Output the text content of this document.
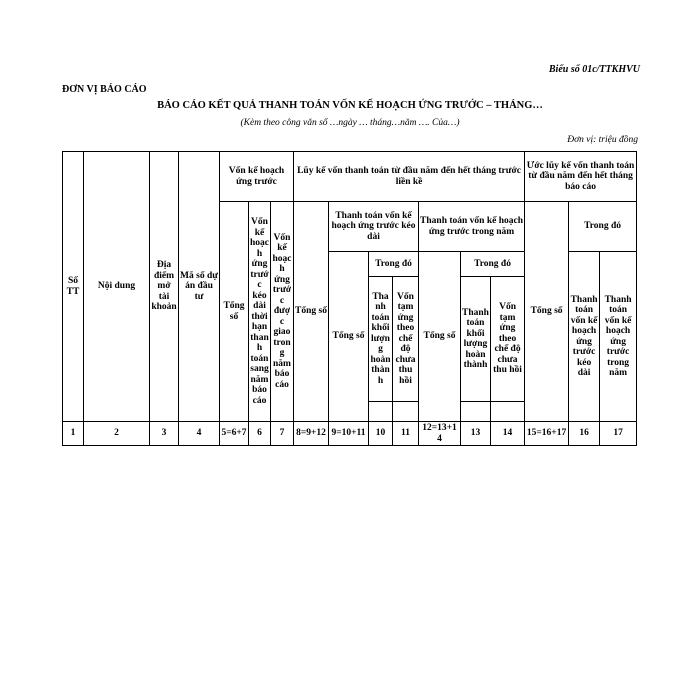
Biểu số 01c/TTKHVU
ĐƠN VỊ BÁO CÁO
BÁO CÁO KẾT QUẢ THANH TOÁN VỐN KẾ HOẠCH ỨNG TRƯỚC – THÁNG…
(Kèm theo công văn số …ngày … tháng…năm …. Của…)
Đơn vị: triệu đồng
Số TT	Nội dung	Địa điểm mở tài khoản	Mã số dự án đầu tư	Vốn kế hoạch ứng trước			Lũy kế vốn thanh toán từ đầu năm đến hết tháng trước liền kề							Ước lũy kế vốn thanh toán từ đầu năm đến hết tháng báo cáo		
				Tổng số	Vốn kế hoạch ứng trước kéo dài thời hạn thanh toán sang năm báo cáo	Vốn kế hoạch ứng trước được giao trong năm báo cáo	Tổng số	Thanh toán vốn kế hoạch ứng trước kéo dài			Thanh toán vốn kế hoạch ứng trước trong năm			Tổng số	Trong đó	
								Tổng số	Trong đó		Tổng số	Trong đó			Thanh toán vốn kế hoạch ứng trước kéo dài	Thanh toán vốn kế hoạch ứng trước trong năm
									Thanh toán khối lượng hoàn thành	Vốn tạm ứng theo chế độ chưa thu hồi		Thanh toán khối lượng hoàn thành	Vốn tạm ứng theo chế độ chưa thu hồi			

1	2	3	4	5=6+7	6	7	8=9+12	9=10+11	10	11	12=13+14	13	14	15=16+17	16	17
